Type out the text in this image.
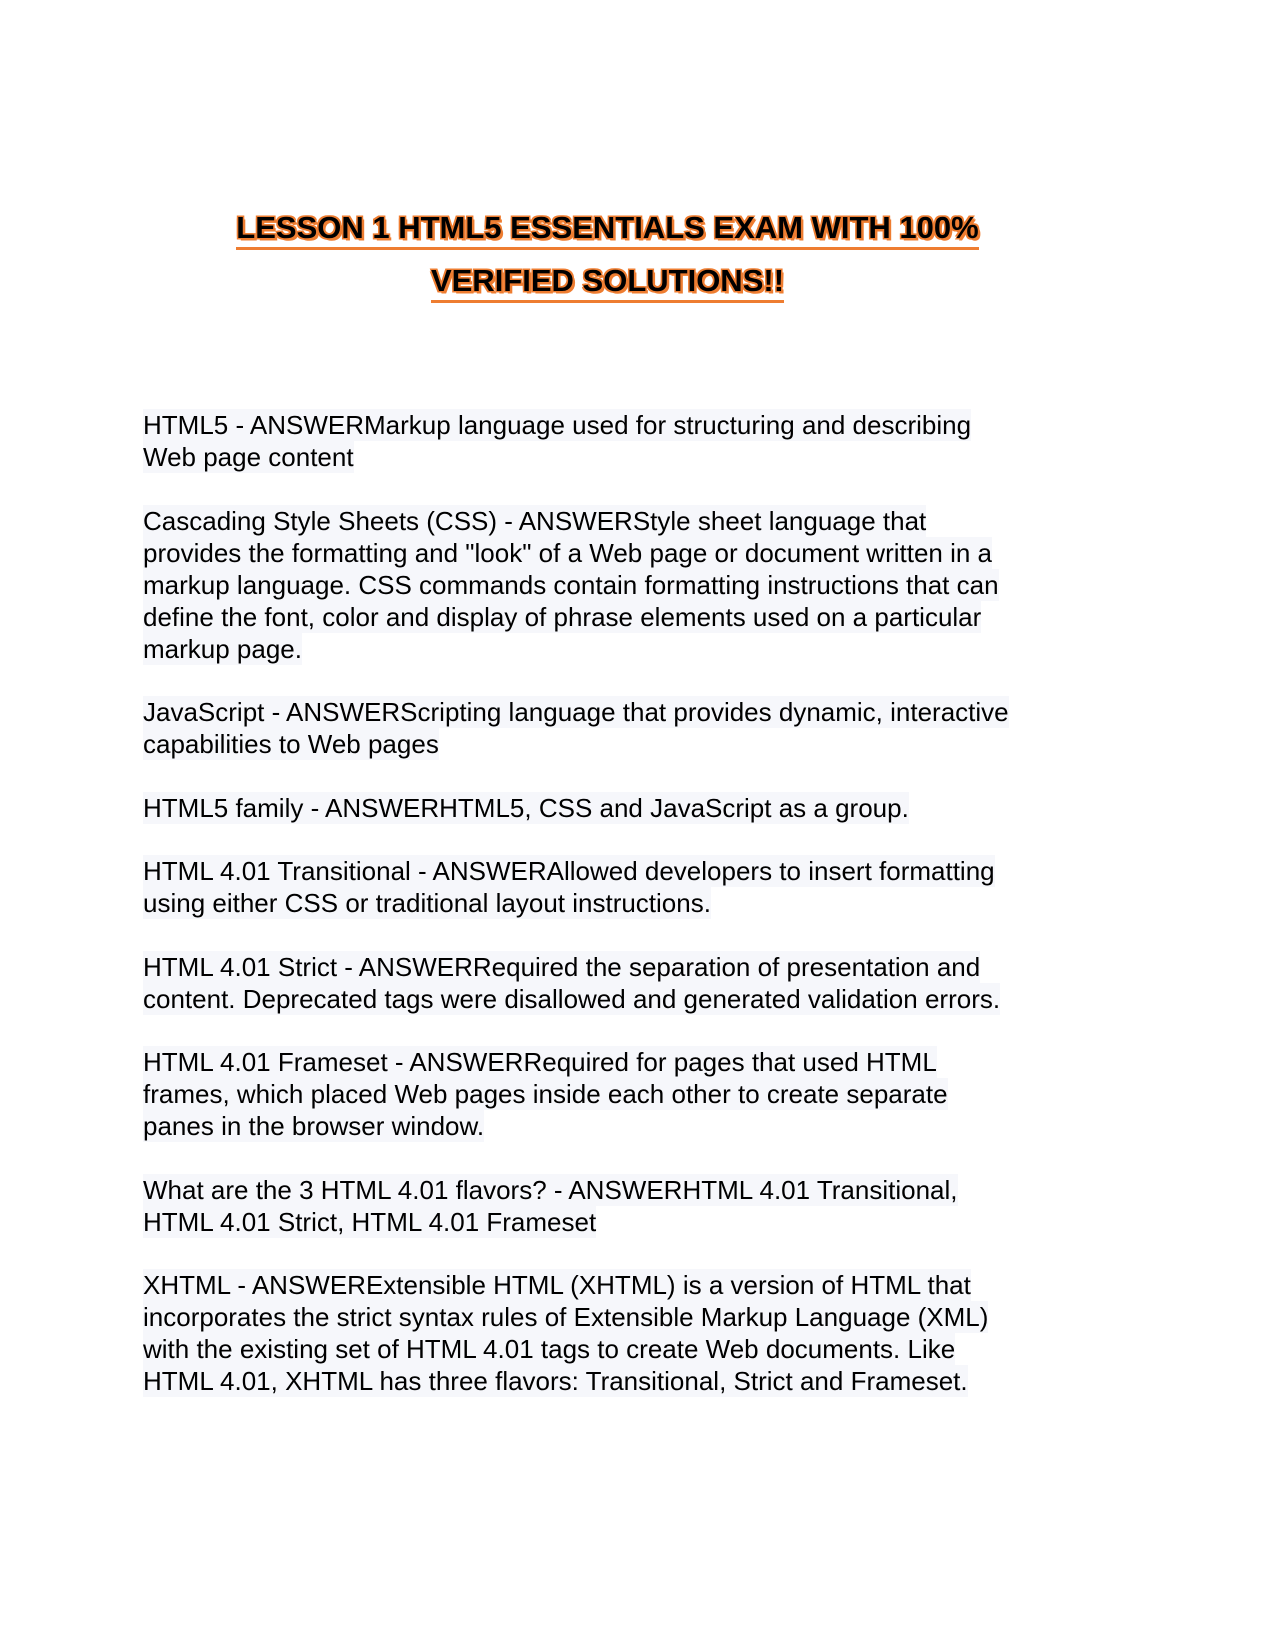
LESSON 1 HTML5 ESSENTIALS EXAM WITH 100%
VERIFIED SOLUTIONS!!
HTML5 - ANSWERMarkup language used for structuring and describing
Web page content
Cascading Style Sheets (CSS) - ANSWERStyle sheet language that
provides the formatting and "look" of a Web page or document written in a
markup language. CSS commands contain formatting instructions that can
define the font, color and display of phrase elements used on a particular
markup page.
JavaScript - ANSWERScripting language that provides dynamic, interactive
capabilities to Web pages
HTML5 family - ANSWERHTML5, CSS and JavaScript as a group.
HTML 4.01 Transitional - ANSWERAllowed developers to insert formatting
using either CSS or traditional layout instructions.
HTML 4.01 Strict - ANSWERRequired the separation of presentation and
content. Deprecated tags were disallowed and generated validation errors.
HTML 4.01 Frameset - ANSWERRequired for pages that used HTML
frames, which placed Web pages inside each other to create separate
panes in the browser window.
What are the 3 HTML 4.01 flavors? - ANSWERHTML 4.01 Transitional,
HTML 4.01 Strict, HTML 4.01 Frameset
XHTML - ANSWERExtensible HTML (XHTML) is a version of HTML that
incorporates the strict syntax rules of Extensible Markup Language (XML)
with the existing set of HTML 4.01 tags to create Web documents. Like
HTML 4.01, XHTML has three flavors: Transitional, Strict and Frameset.
